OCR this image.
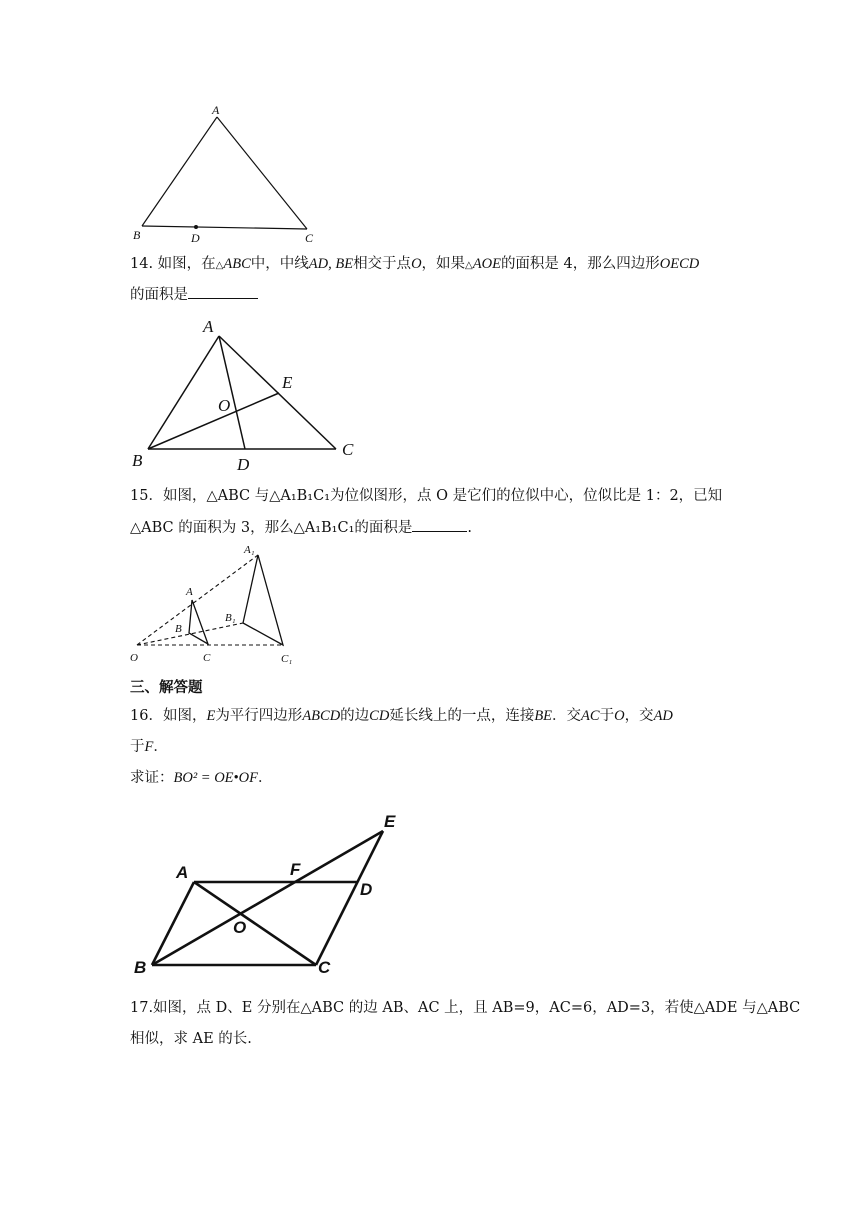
A
B	D	C
14. 如图，在△ABC中，中线AD, BE相交于点O，如果△AOE的面积是 4，那么四边形OECD
的面积是
A
E
O
C
B	D
15．如图，△ABC 与△A₁B₁C₁为位似图形，点 O 是它们的位似中心，位似比是 1：2，已知
△ABC 的面积为 3，那么△A₁B₁C₁的面积是	.
A₁
A
B₁
B
O	C	C₁
三、解答题
16．如图，E为平行四边形ABCD的边CD延长线上的一点，连接BE．交AC于O，交AD
于F．
求证：BO² = OE•OF．
E
A	F
D
O
B	C
17.如图，点 D、E 分别在△ABC 的边 AB、AC 上，且 AB=9，AC=6，AD=3，若使△ADE 与△ABC
相似，求 AE 的长.
